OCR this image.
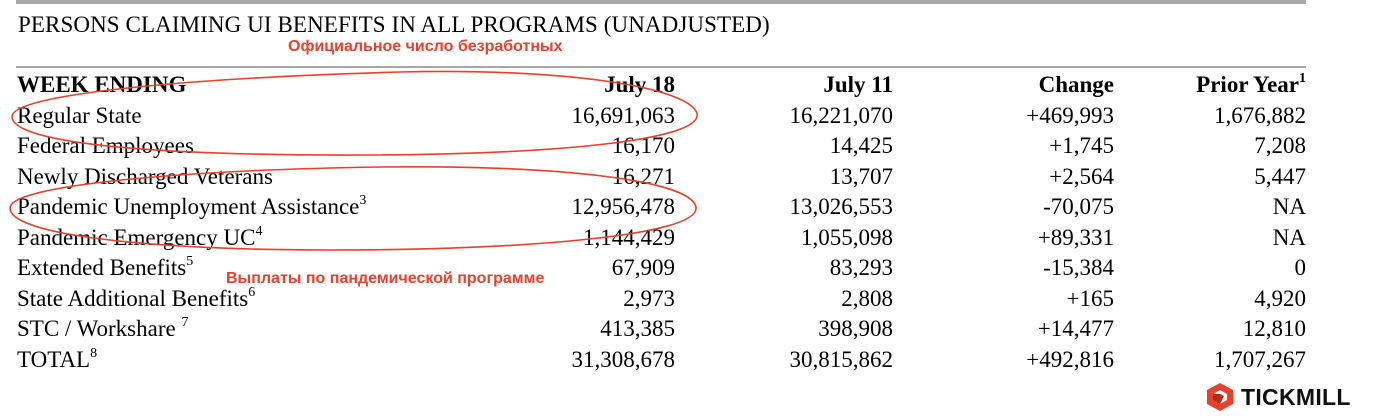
PERSONS CLAIMING UI BENEFITS IN ALL PROGRAMS (UNADJUSTED)
Официальное число безработных
WEEK ENDING	July 18	July 11	Change	Prior Year$^1$
Regular State	16,691,063	16,221,070	+469,993	1,676,882
Federal Employees	16,170	14,425	+1,745	7,208
Newly Discharged Veterans	16,271	13,707	+2,564	5,447
Pandemic Unemployment Assistance$^3$	12,956,478	13,026,553	-70,075	NA
Pandemic Emergency $UC^4$	1,144,429	1,055,098	+89,331	NA
Extended Benefits$^5$	67,909	83,293	-15,384	0
State Additional Benefits$^6$	2,973	2,808	+165	4,920
STC / Workshare $^7$	413,385	398,908	+14,477	12,810
TOTAL$^8$	31,308,678	30,815,862	+492,816	1,707,267
Выплаты по пандемической программе
TICKMILL
